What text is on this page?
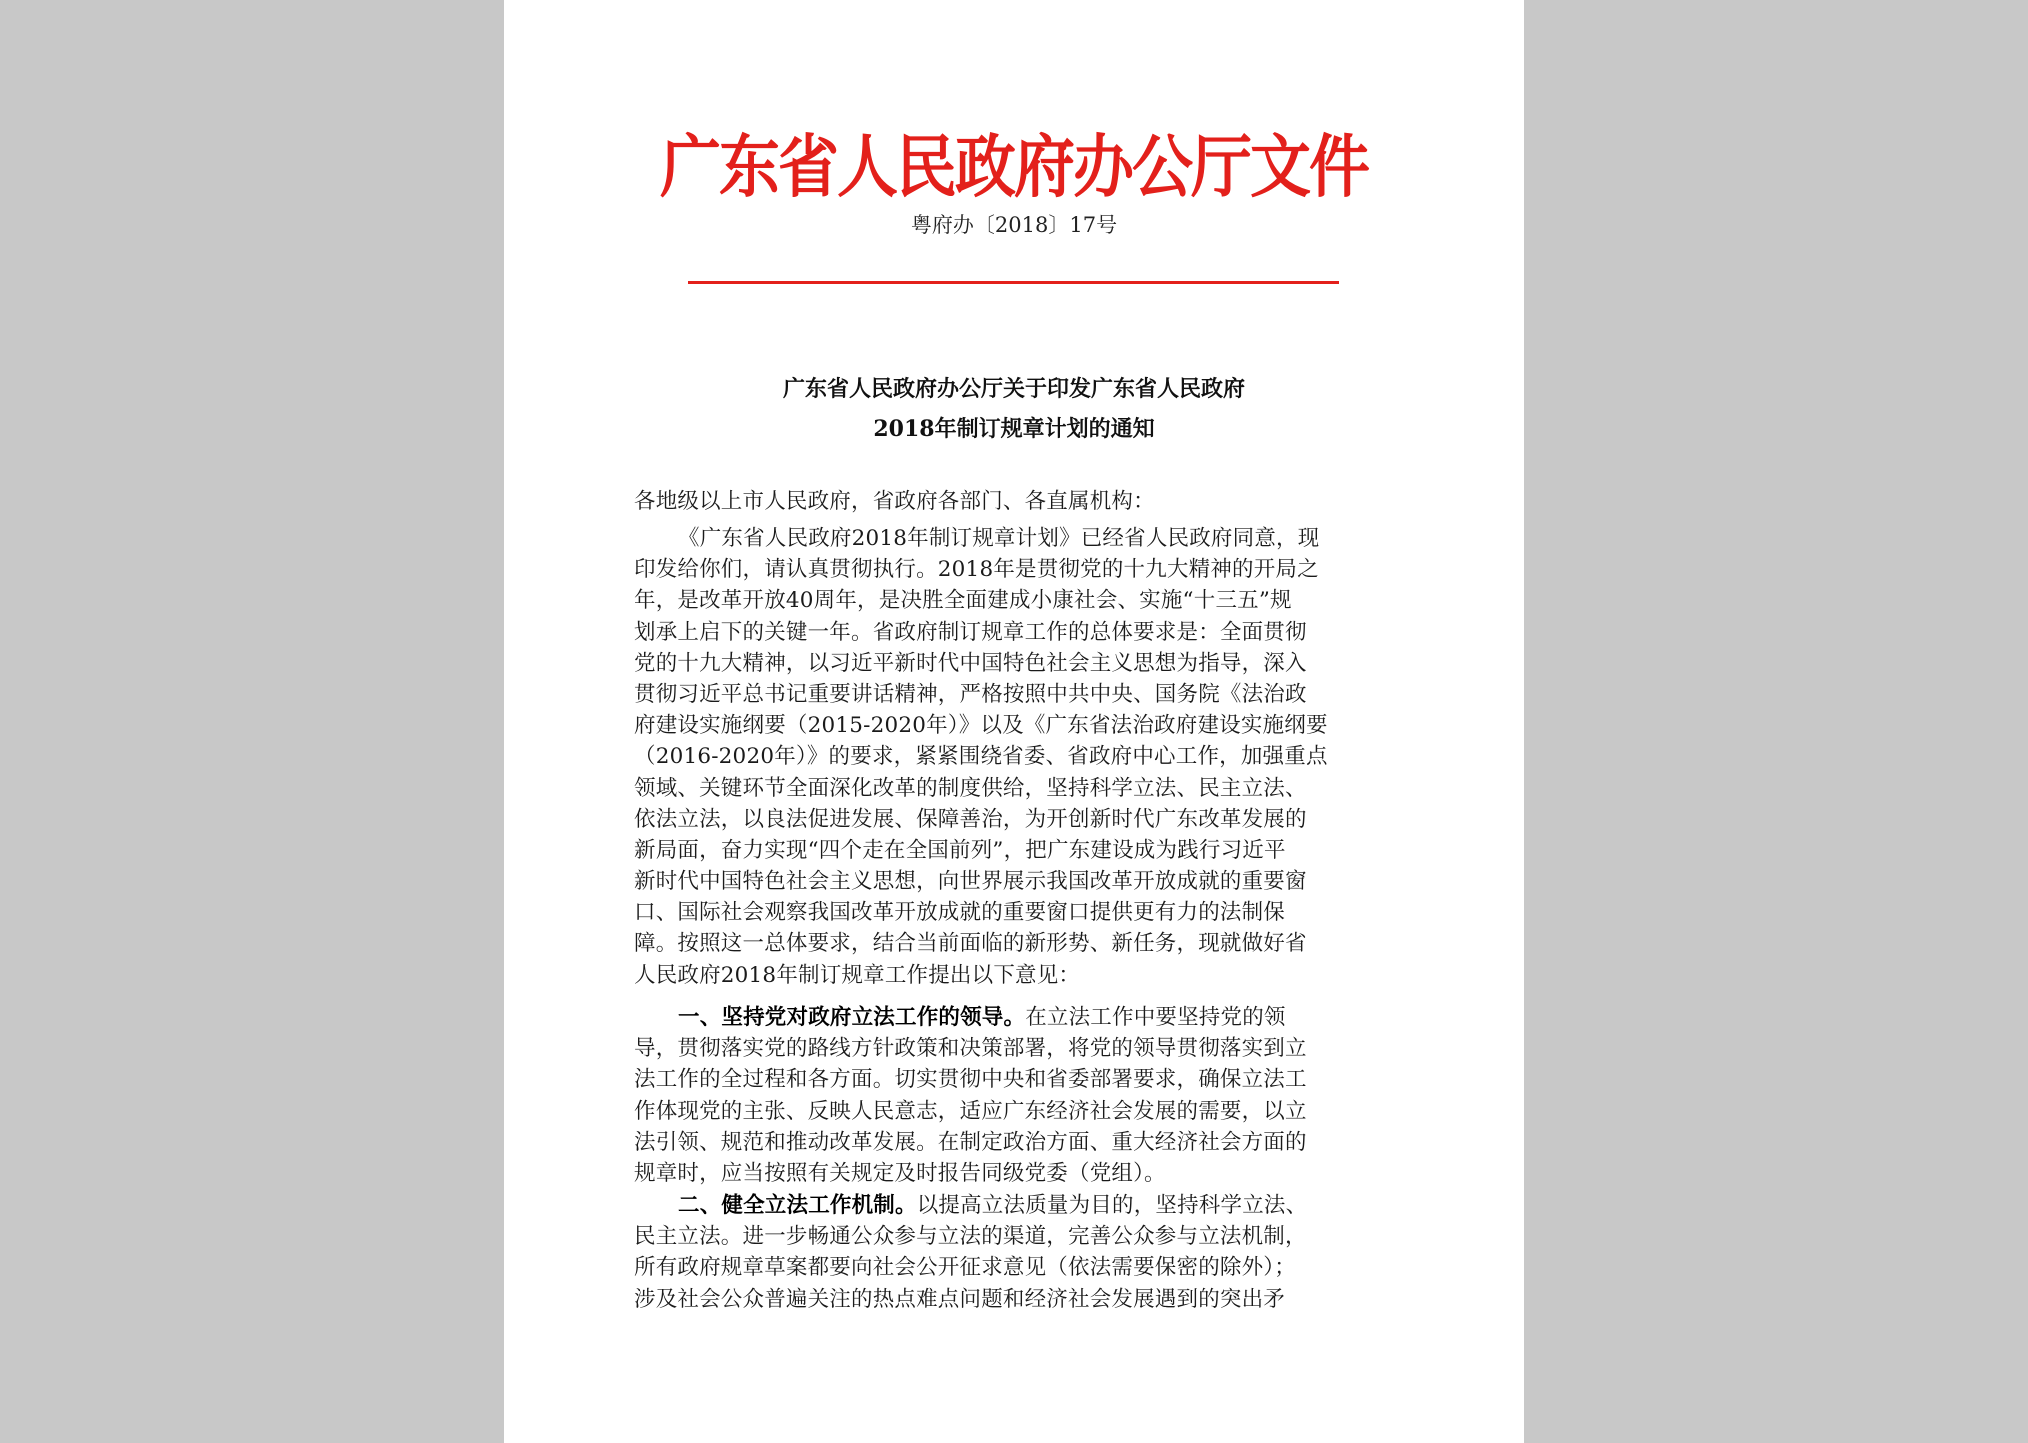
广东省人民政府办公厅文件
粤府办〔2018〕17号
广东省人民政府办公厅关于印发广东省人民政府
2018年制订规章计划的通知
各地级以上市人民政府，省政府各部门、各直属机构：
《广东省人民政府2018年制订规章计划》已经省人民政府同意，现
印发给你们，请认真贯彻执行。2018年是贯彻党的十九大精神的开局之
年，是改革开放40周年，是决胜全面建成小康社会、实施“十三五”规
划承上启下的关键一年。省政府制订规章工作的总体要求是：全面贯彻
党的十九大精神，以习近平新时代中国特色社会主义思想为指导，深入
贯彻习近平总书记重要讲话精神，严格按照中共中央、国务院《法治政
府建设实施纲要（2015-2020年）》以及《广东省法治政府建设实施纲要
（2016-2020年）》的要求，紧紧围绕省委、省政府中心工作，加强重点
领域、关键环节全面深化改革的制度供给，坚持科学立法、民主立法、
依法立法，以良法促进发展、保障善治，为开创新时代广东改革发展的
新局面，奋力实现“四个走在全国前列”，把广东建设成为践行习近平
新时代中国特色社会主义思想，向世界展示我国改革开放成就的重要窗
口、国际社会观察我国改革开放成就的重要窗口提供更有力的法制保
障。按照这一总体要求，结合当前面临的新形势、新任务，现就做好省
人民政府2018年制订规章工作提出以下意见：
一、坚持党对政府立法工作的领导。在立法工作中要坚持党的领
导，贯彻落实党的路线方针政策和决策部署，将党的领导贯彻落实到立
法工作的全过程和各方面。切实贯彻中央和省委部署要求，确保立法工
作体现党的主张、反映人民意志，适应广东经济社会发展的需要，以立
法引领、规范和推动改革发展。在制定政治方面、重大经济社会方面的
规章时，应当按照有关规定及时报告同级党委（党组）。
二、健全立法工作机制。以提高立法质量为目的，坚持科学立法、
民主立法。进一步畅通公众参与立法的渠道，完善公众参与立法机制，
所有政府规章草案都要向社会公开征求意见（依法需要保密的除外）；
涉及社会公众普遍关注的热点难点问题和经济社会发展遇到的突出矛
